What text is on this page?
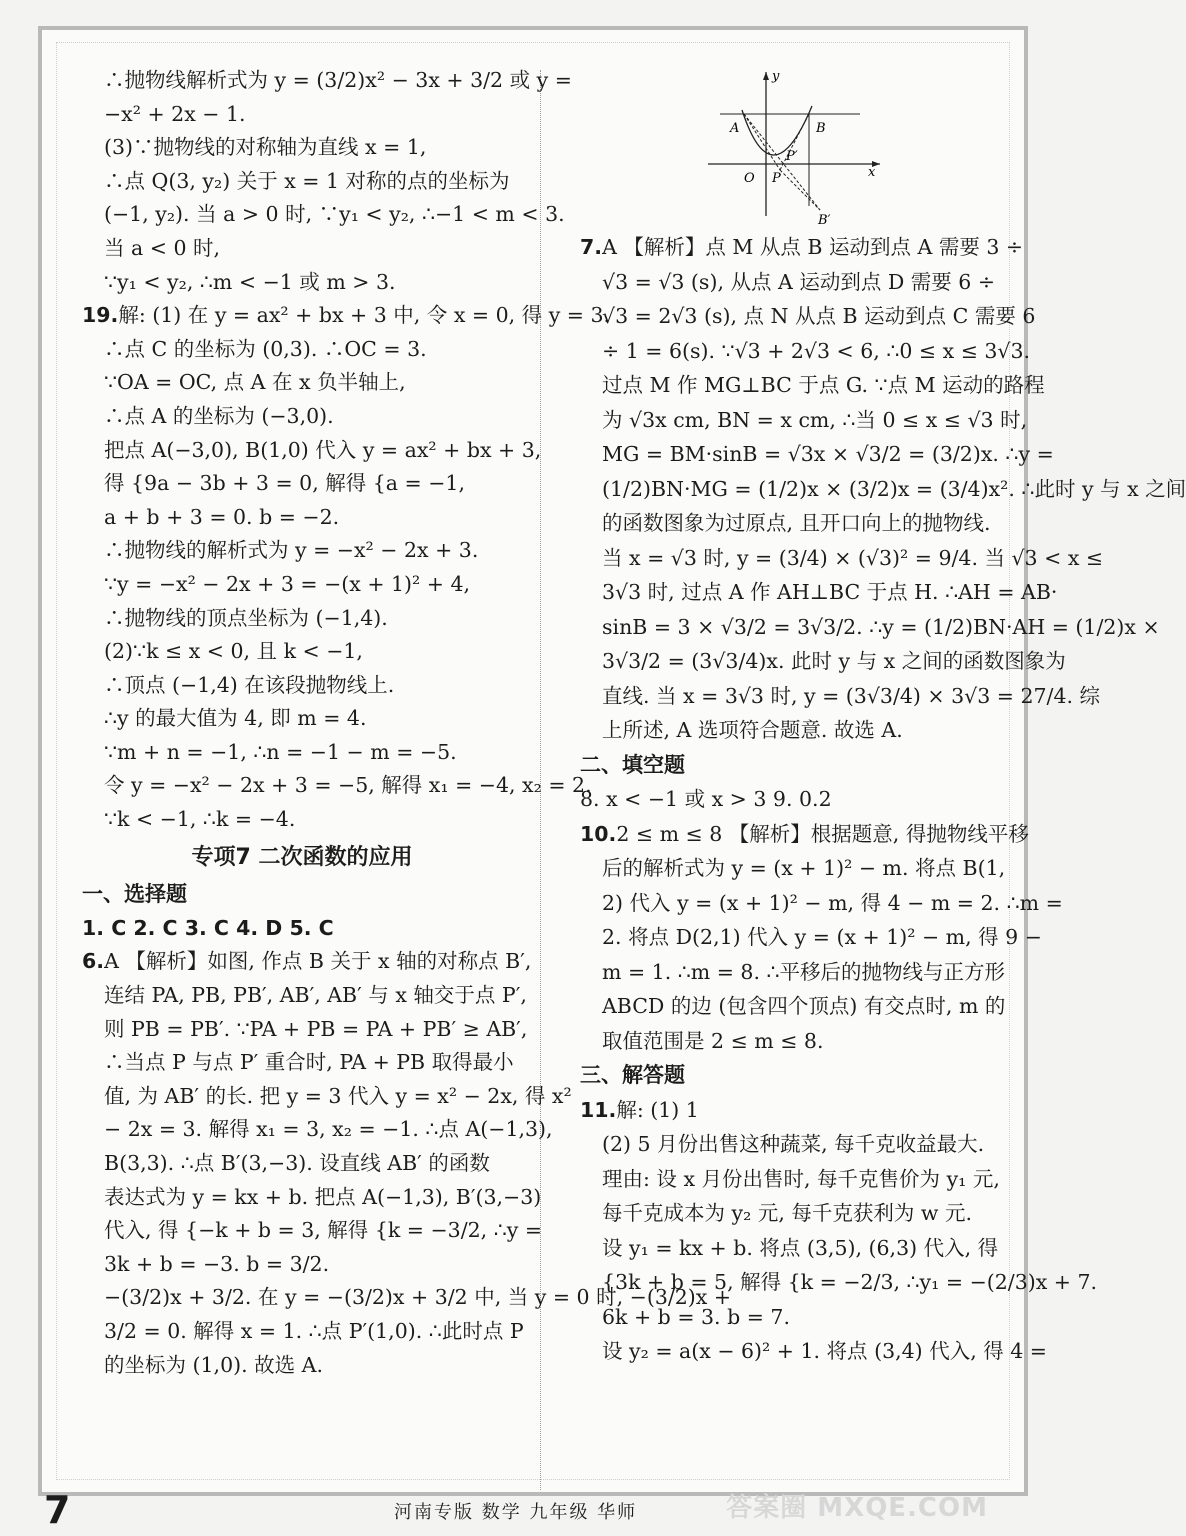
∴抛物线解析式为 y = (3/2)x² − 3x + 3/2 或 y =
−x² + 2x − 1.
(3)∵抛物线的对称轴为直线 x = 1,
∴点 Q(3, y₂) 关于 x = 1 对称的点的坐标为
(−1, y₂). 当 a > 0 时, ∵y₁ < y₂, ∴−1 < m < 3.
当 a < 0 时,
∵y₁ < y₂, ∴m < −1 或 m > 3.
19.解: (1) 在 y = ax² + bx + 3 中, 令 x = 0, 得 y = 3.
∴点 C 的坐标为 (0,3). ∴OC = 3.
∵OA = OC, 点 A 在 x 负半轴上,
∴点 A 的坐标为 (−3,0).
把点 A(−3,0), B(1,0) 代入 y = ax² + bx + 3,
得 {9a − 3b + 3 = 0, 解得 {a = −1,
a + b + 3 = 0. b = −2.
∴抛物线的解析式为 y = −x² − 2x + 3.
∵y = −x² − 2x + 3 = −(x + 1)² + 4,
∴抛物线的顶点坐标为 (−1,4).
(2)∵k ≤ x < 0, 且 k < −1,
∴顶点 (−1,4) 在该段抛物线上.
∴y 的最大值为 4, 即 m = 4.
∵m + n = −1, ∴n = −1 − m = −5.
令 y = −x² − 2x + 3 = −5, 解得 x₁ = −4, x₂ = 2.
∵k < −1, ∴k = −4.
专项7 二次函数的应用
一、选择题
1. C 2. C 3. C 4. D 5. C
6.A 【解析】如图, 作点 B 关于 x 轴的对称点 B′,
连结 PA, PB, PB′, AB′, AB′ 与 x 轴交于点 P′,
则 PB = PB′. ∵PA + PB = PA + PB′ ≥ AB′,
∴当点 P 与点 P′ 重合时, PA + PB 取得最小
值, 为 AB′ 的长. 把 y = 3 代入 y = x² − 2x, 得 x²
− 2x = 3. 解得 x₁ = 3, x₂ = −1. ∴点 A(−1,3),
B(3,3). ∴点 B′(3,−3). 设直线 AB′ 的函数
表达式为 y = kx + b. 把点 A(−1,3), B′(3,−3)
代入, 得 {−k + b = 3, 解得 {k = −3/2, ∴y =
3k + b = −3. b = 3/2.
−(3/2)x + 3/2. 在 y = −(3/2)x + 3/2 中, 当 y = 0 时, −(3/2)x +
3/2 = 0. 解得 x = 1. ∴点 P′(1,0). ∴此时点 P
的坐标为 (1,0). 故选 A.
y
x
A	B
O P
P′
B′
7.A 【解析】点 M 从点 B 运动到点 A 需要 3 ÷
√3 = √3 (s), 从点 A 运动到点 D 需要 6 ÷
√3 = 2√3 (s), 点 N 从点 B 运动到点 C 需要 6
÷ 1 = 6(s). ∵√3 + 2√3 < 6, ∴0 ≤ x ≤ 3√3.
过点 M 作 MG⊥BC 于点 G. ∵点 M 运动的路程
为 √3x cm, BN = x cm, ∴当 0 ≤ x ≤ √3 时,
MG = BM·sinB = √3x × √3/2 = (3/2)x. ∴y =
(1/2)BN·MG = (1/2)x × (3/2)x = (3/4)x². ∴此时 y 与 x 之间
的函数图象为过原点, 且开口向上的抛物线.
当 x = √3 时, y = (3/4) × (√3)² = 9/4. 当 √3 < x ≤
3√3 时, 过点 A 作 AH⊥BC 于点 H. ∴AH = AB·
sinB = 3 × √3/2 = 3√3/2. ∴y = (1/2)BN·AH = (1/2)x ×
3√3/2 = (3√3/4)x. 此时 y 与 x 之间的函数图象为
直线. 当 x = 3√3 时, y = (3√3/4) × 3√3 = 27/4. 综
上所述, A 选项符合题意. 故选 A.
二、填空题
8. x < −1 或 x > 3 9. 0.2
10.2 ≤ m ≤ 8 【解析】根据题意, 得抛物线平移
后的解析式为 y = (x + 1)² − m. 将点 B(1,
2) 代入 y = (x + 1)² − m, 得 4 − m = 2. ∴m =
2. 将点 D(2,1) 代入 y = (x + 1)² − m, 得 9 −
m = 1. ∴m = 8. ∴平移后的抛物线与正方形
ABCD 的边 (包含四个顶点) 有交点时, m 的
取值范围是 2 ≤ m ≤ 8.
三、解答题
11.解: (1) 1
(2) 5 月份出售这种蔬菜, 每千克收益最大.
理由: 设 x 月份出售时, 每千克售价为 y₁ 元,
每千克成本为 y₂ 元, 每千克获利为 w 元.
设 y₁ = kx + b. 将点 (3,5), (6,3) 代入, 得
{3k + b = 5, 解得 {k = −2/3, ∴y₁ = −(2/3)x + 7.
6k + b = 3. b = 7.
设 y₂ = a(x − 6)² + 1. 将点 (3,4) 代入, 得 4 =
7	河南专版 数学 九年级 华师	答案圈 MXQE.COM
